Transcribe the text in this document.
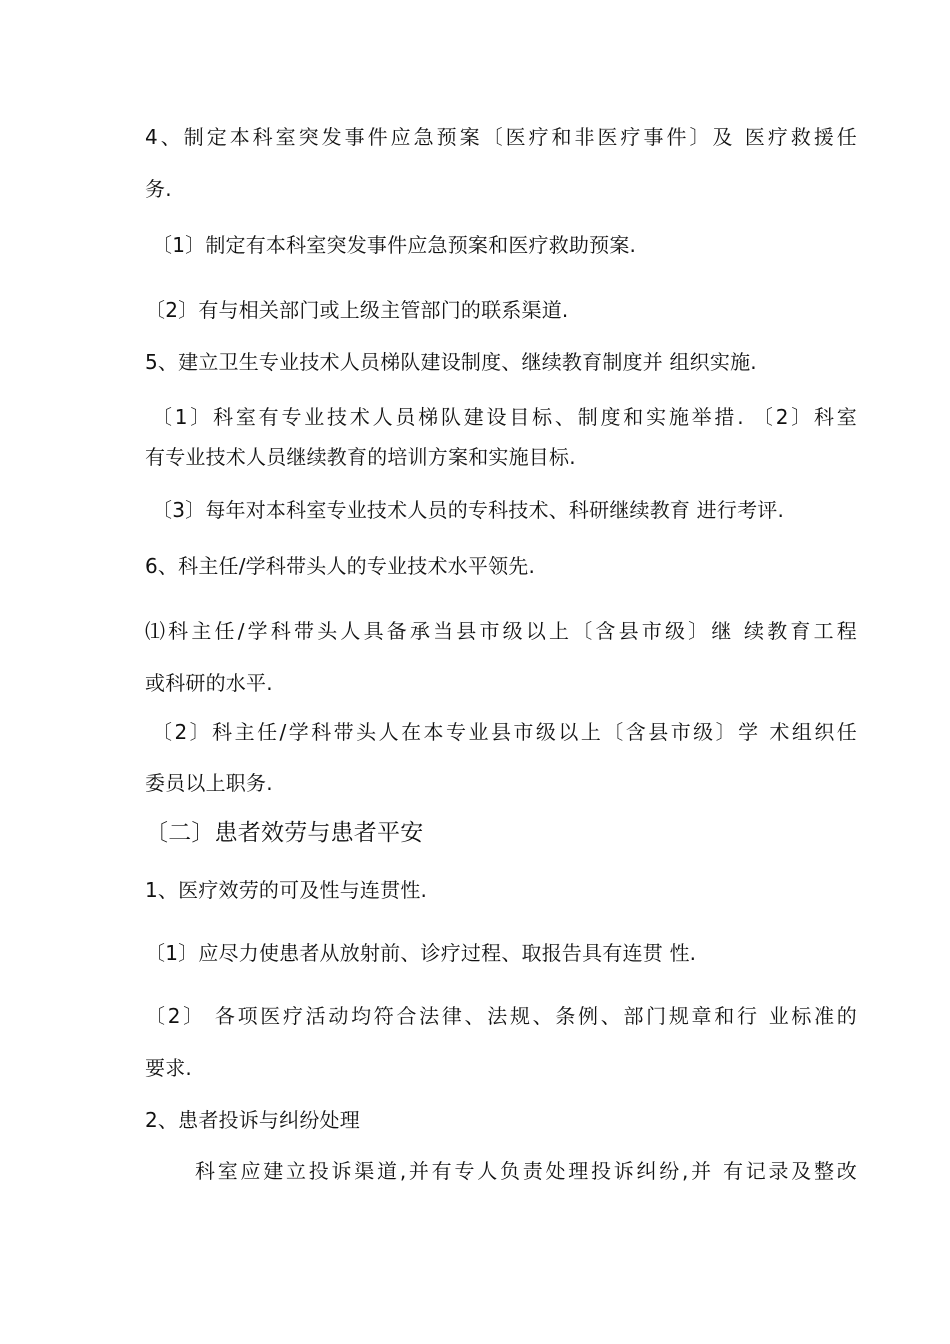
4、制定本科室突发事件应急预案〔医疗和非医疗事件〕及 医疗救援任
务.
〔1〕制定有本科室突发事件应急预案和医疗救助预案.
〔2〕有与相关部门或上级主管部门的联系渠道.
5、建立卫生专业技术人员梯队建设制度、继续教育制度并 组织实施.
〔1〕科室有专业技术人员梯队建设目标、制度和实施举措. 〔2〕科室
有专业技术人员继续教育的培训方案和实施目标.
〔3〕每年对本科室专业技术人员的专科技术、科研继续教育 进行考评.
6、科主任/学科带头人的专业技术水平领先.
⑴科主任/学科带头人具备承当县市级以上〔含县市级〕继 续教育工程
或科研的水平.
〔2〕科主任/学科带头人在本专业县市级以上〔含县市级〕学 术组织任
委员以上职务.
〔二〕患者效劳与患者平安
1、医疗效劳的可及性与连贯性.
〔1〕应尽力使患者从放射前、诊疗过程、取报告具有连贯 性.
〔2〕 各项医疗活动均符合法律、法规、条例、部门规章和行 业标准的
要求.
2、患者投诉与纠纷处理
科室应建立投诉渠道,并有专人负责处理投诉纠纷,并 有记录及整改
